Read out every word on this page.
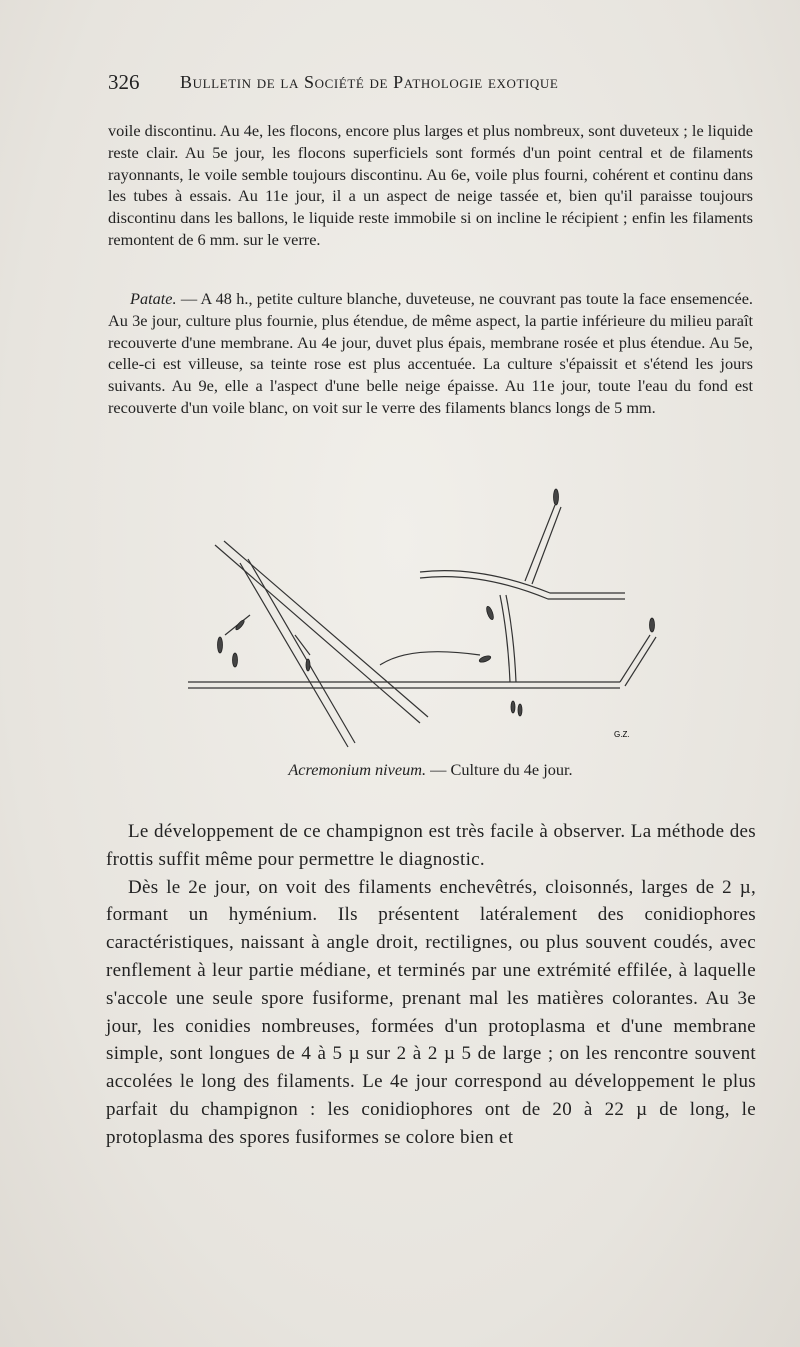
326 Bulletin de la Société de Pathologie exotique

voile discontinu. Au 4e, les flocons, encore plus larges et plus nombreux, sont duveteux ; le liquide reste clair. Au 5e jour, les flocons superficiels sont formés d'un point central et de filaments rayonnants, le voile semble toujours discontinu. Au 6e, voile plus fourni, cohérent et continu dans les tubes à essais. Au 11e jour, il a un aspect de neige tassée et, bien qu'il paraisse toujours discontinu dans les ballons, le liquide reste immobile si on incline le récipient ; enfin les filaments remontent de 6 mm. sur le verre.

Patate. — A 48 h., petite culture blanche, duveteuse, ne couvrant pas toute la face ensemencée. Au 3e jour, culture plus fournie, plus étendue, de même aspect, la partie inférieure du milieu paraît recouverte d'une membrane. Au 4e jour, duvet plus épais, membrane rosée et plus étendue. Au 5e, celle-ci est villeuse, sa teinte rose est plus accentuée. La culture s'épaissit et s'étend les jours suivants. Au 9e, elle a l'aspect d'une belle neige épaisse. Au 11e jour, toute l'eau du fond est recouverte d'un voile blanc, on voit sur le verre des filaments blancs longs de 5 mm.

G.Z.
Acremonium niveum. — Culture du 4e jour.

Le développement de ce champignon est très facile à observer. La méthode des frottis suffit même pour permettre le diagnostic.

Dès le 2e jour, on voit des filaments enchevêtrés, cloisonnés, larges de 2 µ, formant un hyménium. Ils présentent latéralement des conidiophores caractéristiques, naissant à angle droit, rectilignes, ou plus souvent coudés, avec renflement à leur partie médiane, et terminés par une extrémité effilée, à laquelle s'accole une seule spore fusiforme, prenant mal les matières colorantes. Au 3e jour, les conidies nombreuses, formées d'un protoplasma et d'une membrane simple, sont longues de 4 à 5 µ sur 2 à 2 µ 5 de large ; on les rencontre souvent accolées le long des filaments. Le 4e jour correspond au développement le plus parfait du champignon : les conidiophores ont de 20 à 22 µ de long, le protoplasma des spores fusiformes se colore bien et
